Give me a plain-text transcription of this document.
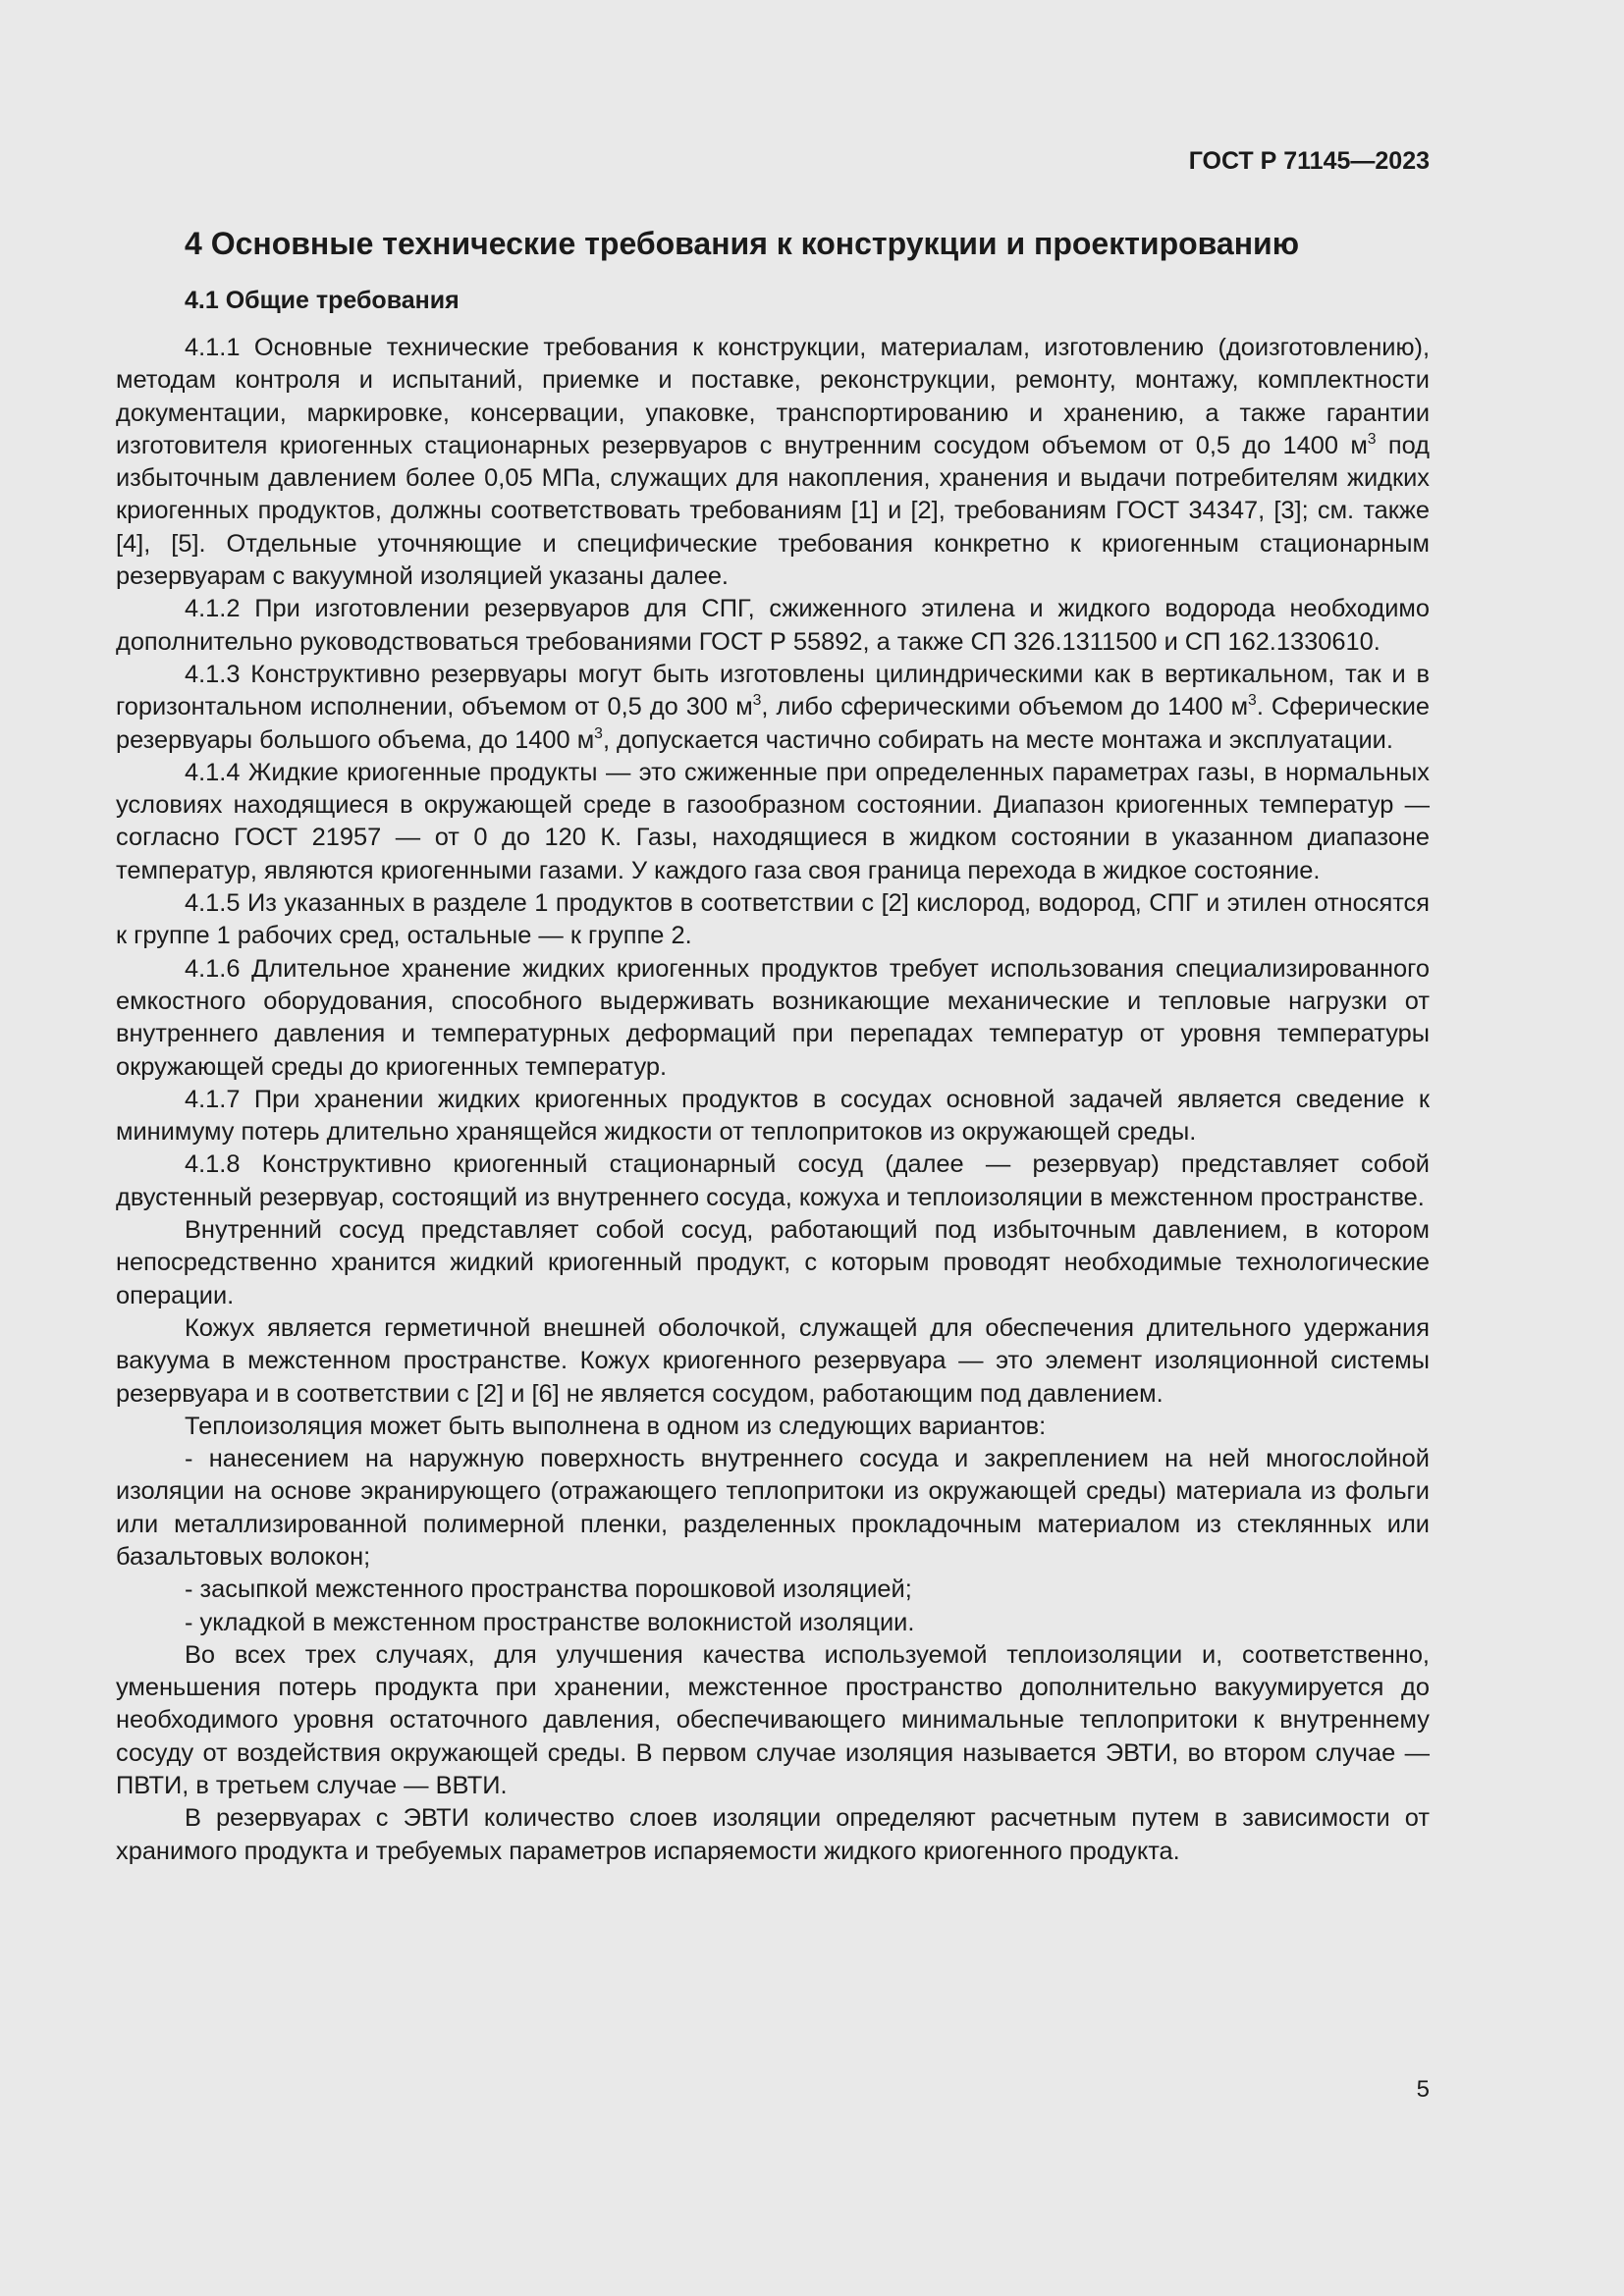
ГОСТ Р 71145—2023
4 Основные технические требования к конструкции и проектированию
4.1 Общие требования

4.1.1 Основные технические требования к конструкции, материалам, изготовлению (доизготовлению), методам контроля и испытаний, приемке и поставке, реконструкции, ремонту, монтажу, комплектности документации, маркировке, консервации, упаковке, транспортированию и хранению, а также гарантии изготовителя криогенных стационарных резервуаров с внутренним сосудом объемом от 0,5 до 1400 $м^3$ под избыточным давлением более 0,05 МПа, служащих для накопления, хранения и выдачи потребителям жидких криогенных продуктов, должны соответствовать требованиям [1] и [2], требованиям ГОСТ 34347, [3]; см. также [4], [5]. Отдельные уточняющие и специфические требования конкретно к криогенным стационарным резервуарам с вакуумной изоляцией указаны далее.

4.1.2 При изготовлении резервуаров для СПГ, сжиженного этилена и жидкого водорода необходимо дополнительно руководствоваться требованиями ГОСТ Р 55892, а также СП 326.1311500 и СП 162.1330610.

4.1.3 Конструктивно резервуары могут быть изготовлены цилиндрическими как в вертикальном, так и в горизонтальном исполнении, объемом от 0,5 до 300 $м^3$, либо сферическими объемом до 1400 $м^3$. Сферические резервуары большого объема, до 1400 $м^3$, допускается частично собирать на месте монтажа и эксплуатации.

4.1.4 Жидкие криогенные продукты — это сжиженные при определенных параметрах газы, в нормальных условиях находящиеся в окружающей среде в газообразном состоянии. Диапазон криогенных температур — согласно ГОСТ 21957 — от 0 до 120 К. Газы, находящиеся в жидком состоянии в указанном диапазоне температур, являются криогенными газами. У каждого газа своя граница перехода в жидкое состояние.

4.1.5 Из указанных в разделе 1 продуктов в соответствии с [2] кислород, водород, СПГ и этилен относятся к группе 1 рабочих сред, остальные — к группе 2.

4.1.6 Длительное хранение жидких криогенных продуктов требует использования специализированного емкостного оборудования, способного выдерживать возникающие механические и тепловые нагрузки от внутреннего давления и температурных деформаций при перепадах температур от уровня температуры окружающей среды до криогенных температур.

4.1.7 При хранении жидких криогенных продуктов в сосудах основной задачей является сведение к минимуму потерь длительно хранящейся жидкости от теплопритоков из окружающей среды.

4.1.8 Конструктивно криогенный стационарный сосуд (далее — резервуар) представляет собой двустенный резервуар, состоящий из внутреннего сосуда, кожуха и теплоизоляции в межстенном пространстве.

Внутренний сосуд представляет собой сосуд, работающий под избыточным давлением, в котором непосредственно хранится жидкий криогенный продукт, с которым проводят необходимые технологические операции.

Кожух является герметичной внешней оболочкой, служащей для обеспечения длительного удержания вакуума в межстенном пространстве. Кожух криогенного резервуара — это элемент изоляционной системы резервуара и в соответствии с [2] и [6] не является сосудом, работающим под давлением.

Теплоизоляция может быть выполнена в одном из следующих вариантов:

- нанесением на наружную поверхность внутреннего сосуда и закреплением на ней многослойной изоляции на основе экранирующего (отражающего теплопритоки из окружающей среды) материала из фольги или металлизированной полимерной пленки, разделенных прокладочным материалом из стеклянных или базальтовых волокон;

- засыпкой межстенного пространства порошковой изоляцией;

- укладкой в межстенном пространстве волокнистой изоляции.

Во всех трех случаях, для улучшения качества используемой теплоизоляции и, соответственно, уменьшения потерь продукта при хранении, межстенное пространство дополнительно вакуумируется до необходимого уровня остаточного давления, обеспечивающего минимальные теплопритоки к внутреннему сосуду от воздействия окружающей среды. В первом случае изоляция называется ЭВТИ, во втором случае — ПВТИ, в третьем случае — ВВТИ.

В резервуарах с ЭВТИ количество слоев изоляции определяют расчетным путем в зависимости от хранимого продукта и требуемых параметров испаряемости жидкого криогенного продукта.

5
